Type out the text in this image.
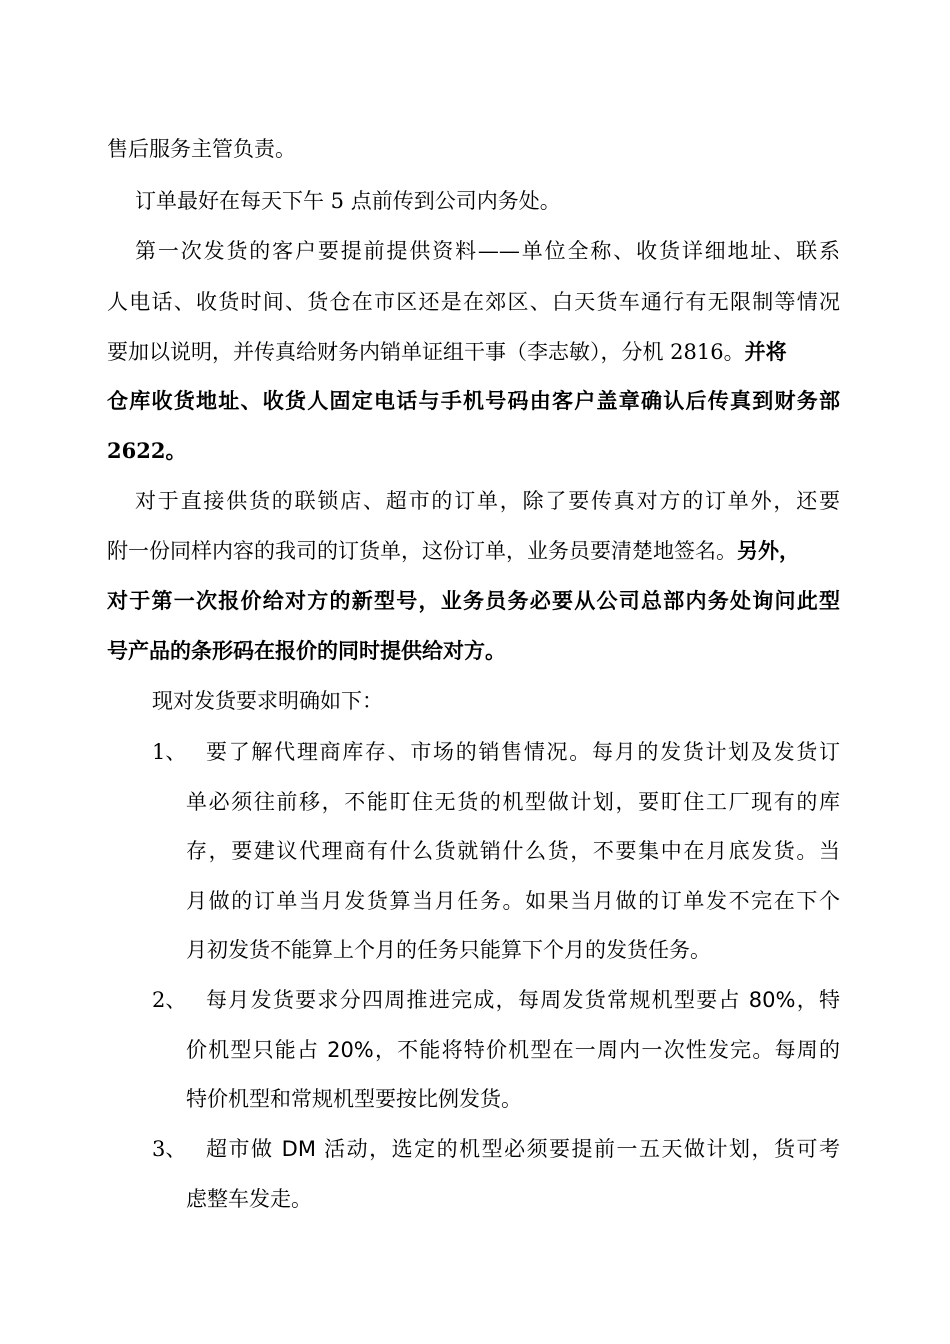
售后服务主管负责。
订单最好在每天下午 5 点前传到公司内务处。
第一次发货的客户要提前提供资料——单位全称、收货详细地址、联系
人电话、收货时间、货仓在市区还是在郊区、白天货车通行有无限制等情况
要加以说明，并传真给财务内销单证组干事（李志敏），分机 2816。并将
仓库收货地址、收货人固定电话与手机号码由客户盖章确认后传真到财务部
2622。
对于直接供货的联锁店、超市的订单，除了要传真对方的订单外，还要
附一份同样内容的我司的订货单，这份订单，业务员要清楚地签名。另外，
对于第一次报价给对方的新型号，业务员务必要从公司总部内务处询问此型
号产品的条形码在报价的同时提供给对方。
现对发货要求明确如下：
1、 要了解代理商库存、市场的销售情况。每月的发货计划及发货订
单必须往前移，不能盯住无货的机型做计划，要盯住工厂现有的库
存，要建议代理商有什么货就销什么货，不要集中在月底发货。当
月做的订单当月发货算当月任务。如果当月做的订单发不完在下个
月初发货不能算上个月的任务只能算下个月的发货任务。
2、 每月发货要求分四周推进完成，每周发货常规机型要占 80%，特
价机型只能占 20%，不能将特价机型在一周内一次性发完。每周的
特价机型和常规机型要按比例发货。
3、 超市做 DM 活动，选定的机型必须要提前一五天做计划，货可考
虑整车发走。
